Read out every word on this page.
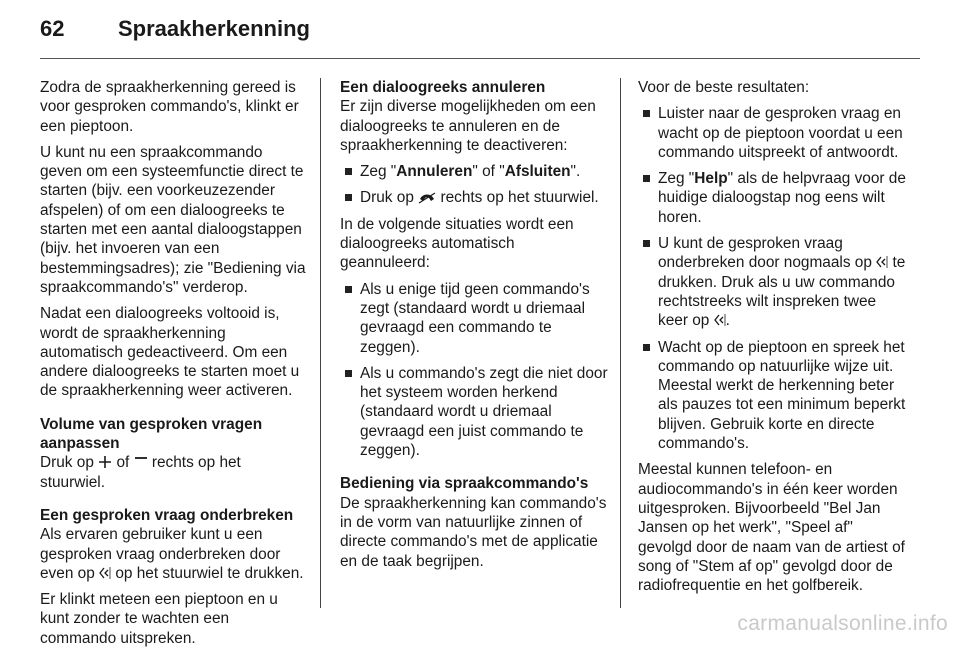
62 Spraakherkenning

Zodra de spraakherkenning gereed is voor gesproken commando's, klinkt er een pieptoon.

U kunt nu een spraakcommando geven om een systeemfunctie direct te starten (bijv. een voorkeuzezender afspelen) of om een dialoogreeks te starten met een aantal dialoogstappen (bijv. het invoeren van een bestemmingsadres); zie "Bediening via spraakcommando's" verderop.

Nadat een dialoogreeks voltooid is, wordt de spraakherkenning automatisch gedeactiveerd. Om een andere dialoogreeks te starten moet u de spraakherkenning weer activeren.

Volume van gesproken vragen aanpassen

Druk op of rechts op het stuurwiel.

Een gesproken vraag onderbreken

Als ervaren gebruiker kunt u een gesproken vraag onderbreken door even op op het stuurwiel te drukken.

Er klinkt meteen een pieptoon en u kunt zonder te wachten een commando uitspreken.

Een dialoogreeks annuleren

Er zijn diverse mogelijkheden om een dialoogreeks te annuleren en de spraakherkenning te deactiveren:

Zeg "Annuleren" of "Afsluiten".
Druk op rechts op het stuurwiel.

In de volgende situaties wordt een dialoogreeks automatisch geannuleerd:

Als u enige tijd geen commando's zegt (standaard wordt u driemaal gevraagd een commando te zeggen).
Als u commando's zegt die niet door het systeem worden herkend (standaard wordt u driemaal gevraagd een juist commando te zeggen).
Bediening via spraakcommando's

De spraakherkenning kan commando's in de vorm van natuurlijke zinnen of directe commando's met de applicatie en de taak begrijpen.

Voor de beste resultaten:

Luister naar de gesproken vraag en wacht op de pieptoon voordat u een commando uitspreekt of antwoordt.
Zeg "Help" als de helpvraag voor de huidige dialoogstap nog eens wilt horen.
U kunt de gesproken vraag onderbreken door nogmaals op te drukken. Druk als u uw commando rechtstreeks wilt inspreken twee keer op .
Wacht op de pieptoon en spreek het commando op natuurlijke wijze uit. Meestal werkt de herkenning beter als pauzes tot een minimum beperkt blijven. Gebruik korte en directe commando's.

Meestal kunnen telefoon- en audiocommando's in één keer worden uitgesproken. Bijvoorbeeld "Bel Jan Jansen op het werk", "Speel af" gevolgd door de naam van de artiest of song of "Stem af op" gevolgd door de radiofrequentie en het golfbereik.

carmanualsonline.info
